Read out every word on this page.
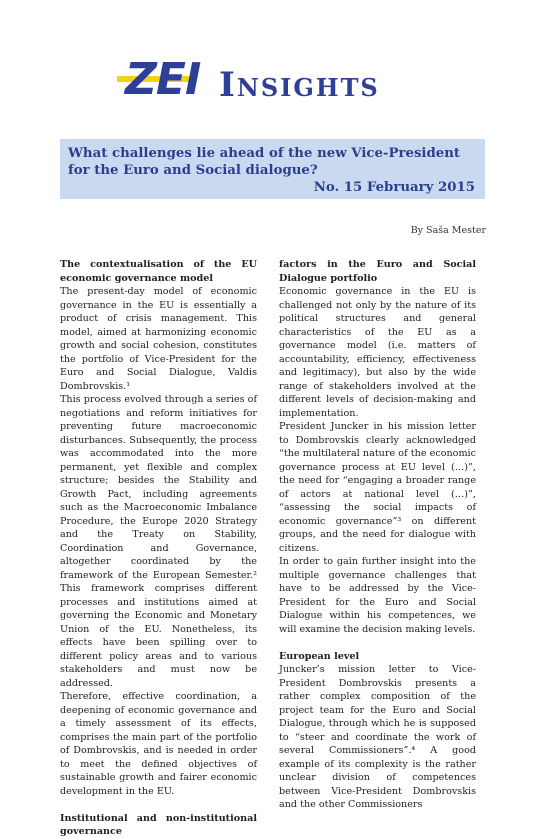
ZEI Insights
What challenges lie ahead of the new Vice-President for the Euro and Social dialogue?
No. 15 February 2015
By Saša Mester
The contextualisation of the EU economic governance model

The present-day model of economic governance in the EU is essentially a product of crisis management. This model, aimed at harmonizing economic growth and social cohesion, constitutes the portfolio of Vice-President for the Euro and Social Dialogue, Valdis Dombrovskis.¹

This process evolved through a series of negotiations and reform initiatives for preventing future macroeconomic disturbances. Subsequently, the process was accommodated into the more permanent, yet flexible and complex structure; besides the Stability and Growth Pact, including agreements such as the Macroeconomic Imbalance Procedure, the Europe 2020 Strategy and the Treaty on Stability, Coordination and Governance, altogether coordinated by the framework of the European Semester.² This framework comprises different processes and institutions aimed at governing the Economic and Monetary Union of the EU. Nonetheless, its effects have been spilling over to different policy areas and to various stakeholders and must now be addressed.

Therefore, effective coordination, a deepening of economic governance and a timely assessment of its effects, comprises the main part of the portfolio of Dombrovskis, and is needed in order to meet the defined objectives of sustainable growth and fairer economic development in the EU.

Institutional and non-institutional governance
factors in the Euro and Social Dialogue portfolio

Economic governance in the EU is challenged not only by the nature of its political structures and general characteristics of the EU as a governance model (i.e. matters of accountability, efficiency, effectiveness and legitimacy), but also by the wide range of stakeholders involved at the different levels of decision-making and implementation.

President Juncker in his mission letter to Dombrovskis clearly acknowledged “the multilateral nature of the economic governance process at EU level (…)”, the need for “engaging a broader range of actors at national level (…)”, “assessing the social impacts of economic governance”³ on different groups, and the need for dialogue with citizens.

In order to gain further insight into the multiple governance challenges that have to be addressed by the Vice-President for the Euro and Social Dialogue within his competences, we will examine the decision making levels.

European level

Juncker’s mission letter to Vice-President Dombrovskis presents a rather complex composition of the project team for the Euro and Social Dialogue, through which he is supposed to “steer and coordinate the work of several Commissioners”.⁴ A good example of its complexity is the rather unclear division of competences between Vice-President Dombrovskis and the other Commissioners
